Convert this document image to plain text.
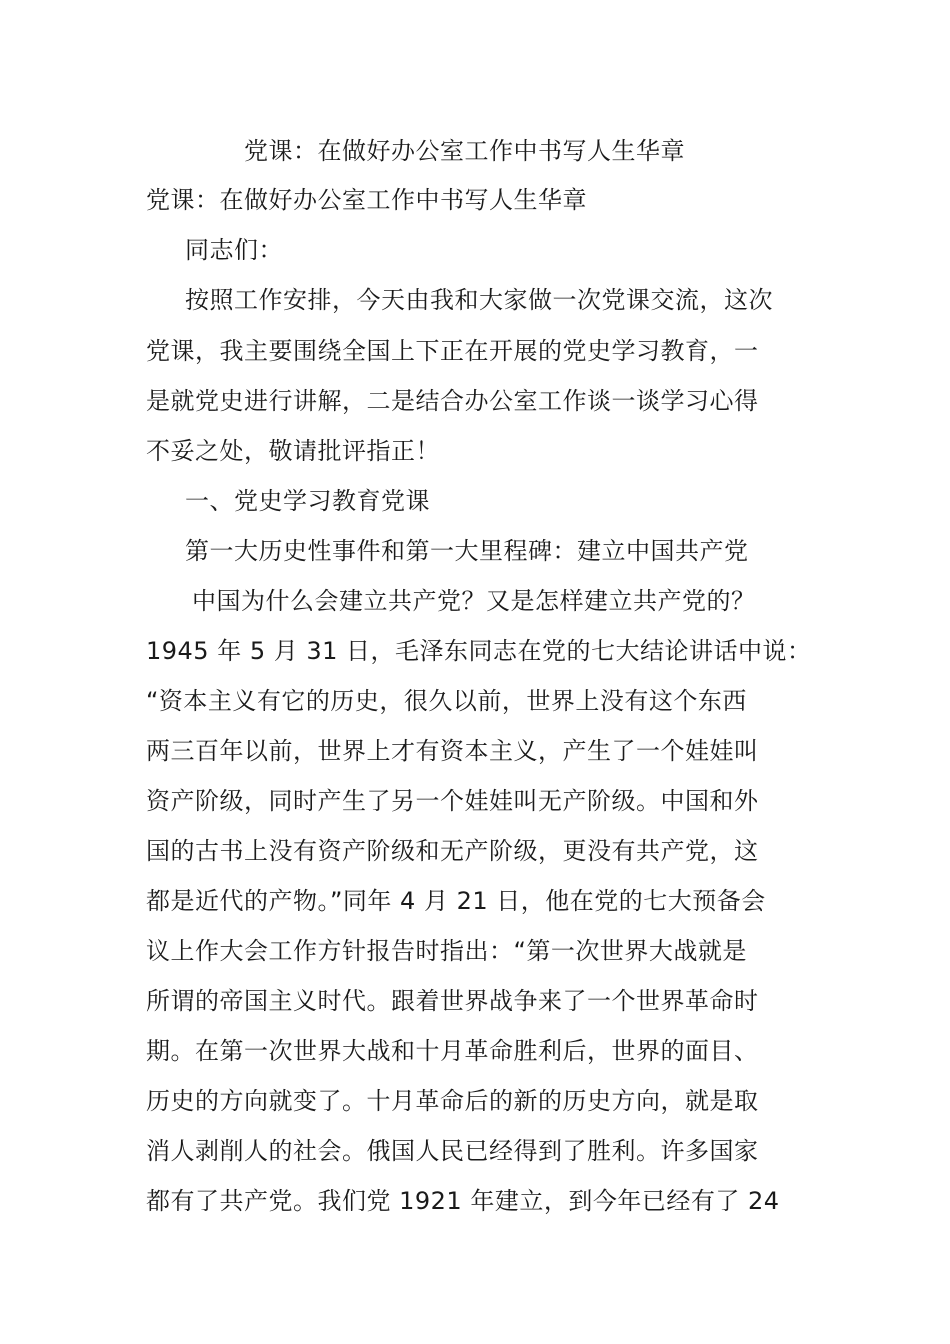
党课：在做好办公室工作中书写人生华章
党课：在做好办公室工作中书写人生华章
同志们：
按照工作安排，今天由我和大家做一次党课交流，这次
党课，我主要围绕全国上下正在开展的党史学习教育，一
是就党史进行讲解，二是结合办公室工作谈一谈学习心得
不妥之处，敬请批评指正！
一、党史学习教育党课
第一大历史性事件和第一大里程碑：建立中国共产党
中国为什么会建立共产党？又是怎样建立共产党的？
1945 年 5 月 31 日，毛泽东同志在党的七大结论讲话中说：
“资本主义有它的历史，很久以前，世界上没有这个东西
两三百年以前，世界上才有资本主义，产生了一个娃娃叫
资产阶级，同时产生了另一个娃娃叫无产阶级。中国和外
国的古书上没有资产阶级和无产阶级，更没有共产党，这
都是近代的产物。”同年 4 月 21 日，他在党的七大预备会
议上作大会工作方针报告时指出：“第一次世界大战就是
所谓的帝国主义时代。跟着世界战争来了一个世界革命时
期。在第一次世界大战和十月革命胜利后，世界的面目、
历史的方向就变了。十月革命后的新的历史方向，就是取
消人剥削人的社会。俄国人民已经得到了胜利。许多国家
都有了共产党。我们党 1921 年建立，到今年已经有了 24
